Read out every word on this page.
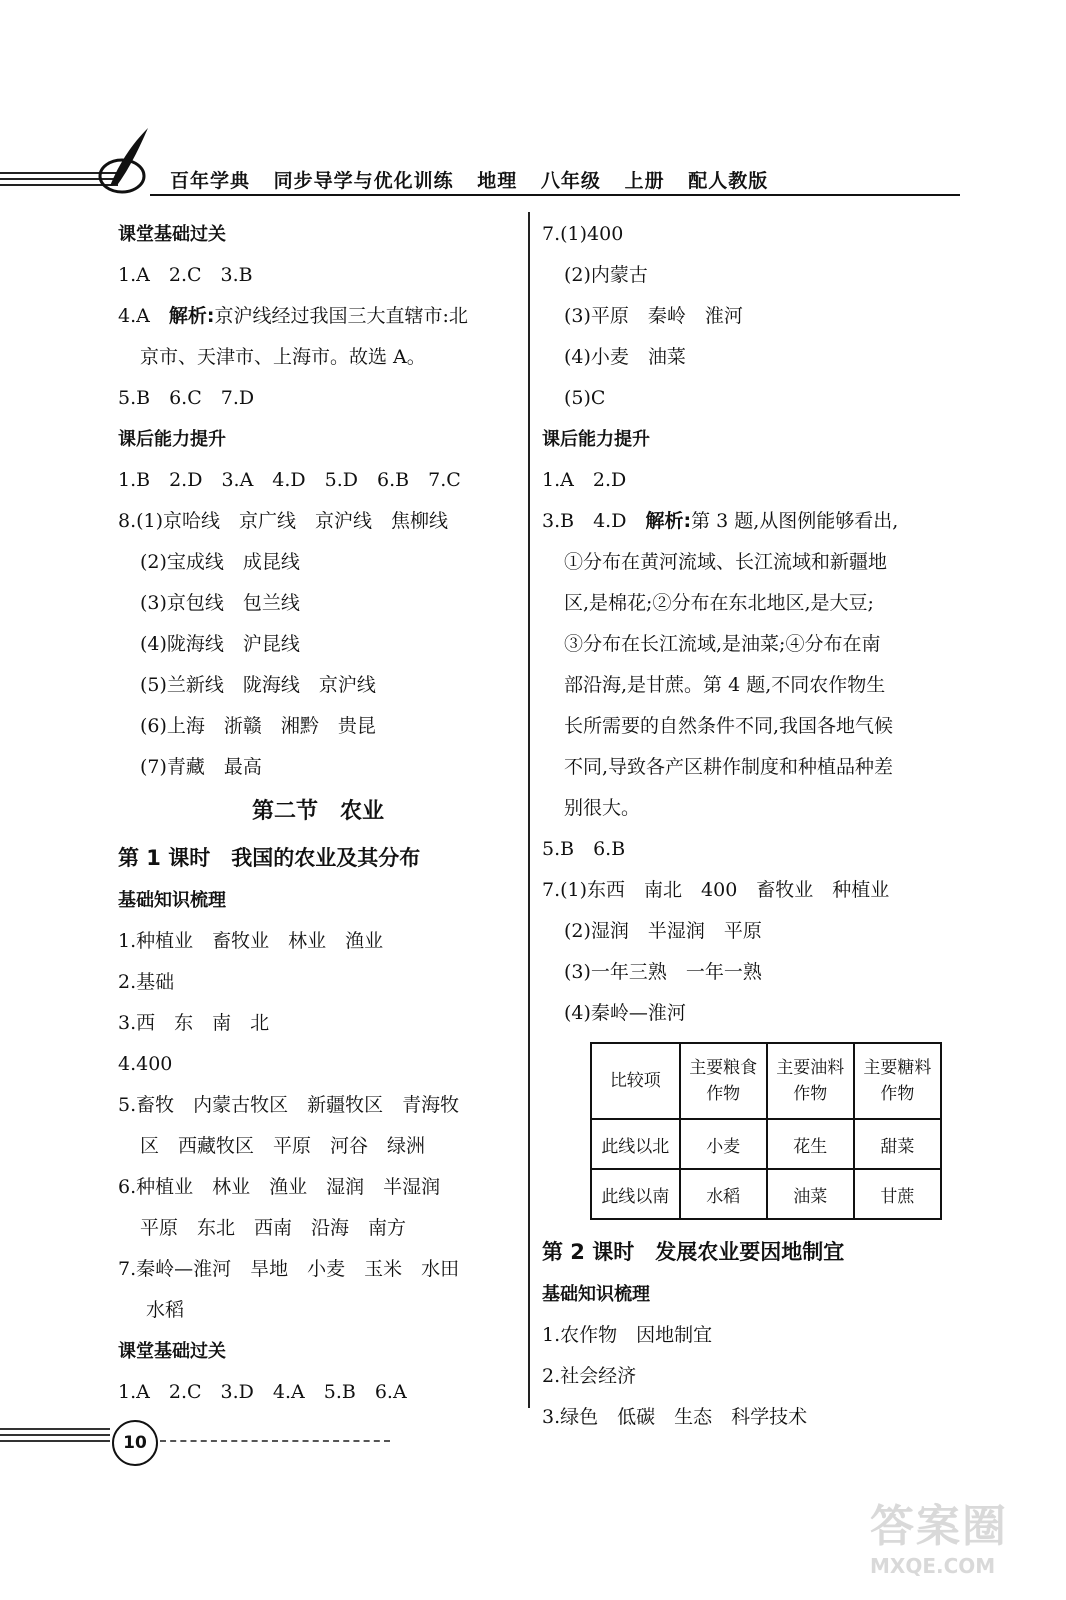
百年学典 同步导学与优化训练 地理 八年级 上册 配人教版
课堂基础过关
1.A　2.C　3.B
4.A　解析:京沪线经过我国三大直辖市:北
京市、天津市、上海市。故选 A。
5.B　6.C　7.D
课后能力提升
1.B　2.D　3.A　4.D　5.D　6.B　7.C
8.(1)京哈线　京广线　京沪线　焦柳线
(2)宝成线　成昆线
(3)京包线　包兰线
(4)陇海线　沪昆线
(5)兰新线　陇海线　京沪线
(6)上海　浙赣　湘黔　贵昆
(7)青藏　最高
第二节　农业
第 1 课时　我国的农业及其分布
基础知识梳理
1.种植业　畜牧业　林业　渔业
2.基础
3.西　东　南　北
4.400
5.畜牧　内蒙古牧区　新疆牧区　青海牧
区　西藏牧区　平原　河谷　绿洲
6.种植业　林业　渔业　湿润　半湿润
平原　东北　西南　沿海　南方
7.秦岭—淮河　旱地　小麦　玉米　水田
水稻
课堂基础过关
1.A　2.C　3.D　4.A　5.B　6.A
7.(1)400
(2)内蒙古
(3)平原　秦岭　淮河
(4)小麦　油菜
(5)C
课后能力提升
1.A　2.D
3.B　4.D　解析:第 3 题,从图例能够看出,
①分布在黄河流域、长江流域和新疆地
区,是棉花;②分布在东北地区,是大豆;
③分布在长江流域,是油菜;④分布在南
部沿海,是甘蔗。第 4 题,不同农作物生
长所需要的自然条件不同,我国各地气候
不同,导致各产区耕作制度和种植品种差
别很大。
5.B　6.B
7.(1)东西　南北　400　畜牧业　种植业
(2)湿润　半湿润　平原
(3)一年三熟　一年一熟
(4)秦岭—淮河
比较项	主要粮食作物	主要油料作物	主要糖料作物
此线以北	小麦	花生	甜菜
此线以南	水稻	油菜	甘蔗
第 2 课时　发展农业要因地制宜
基础知识梳理
1.农作物　因地制宜
2.社会经济
3.绿色　低碳　生态　科学技术
10
答案圈
MXQE.COM
